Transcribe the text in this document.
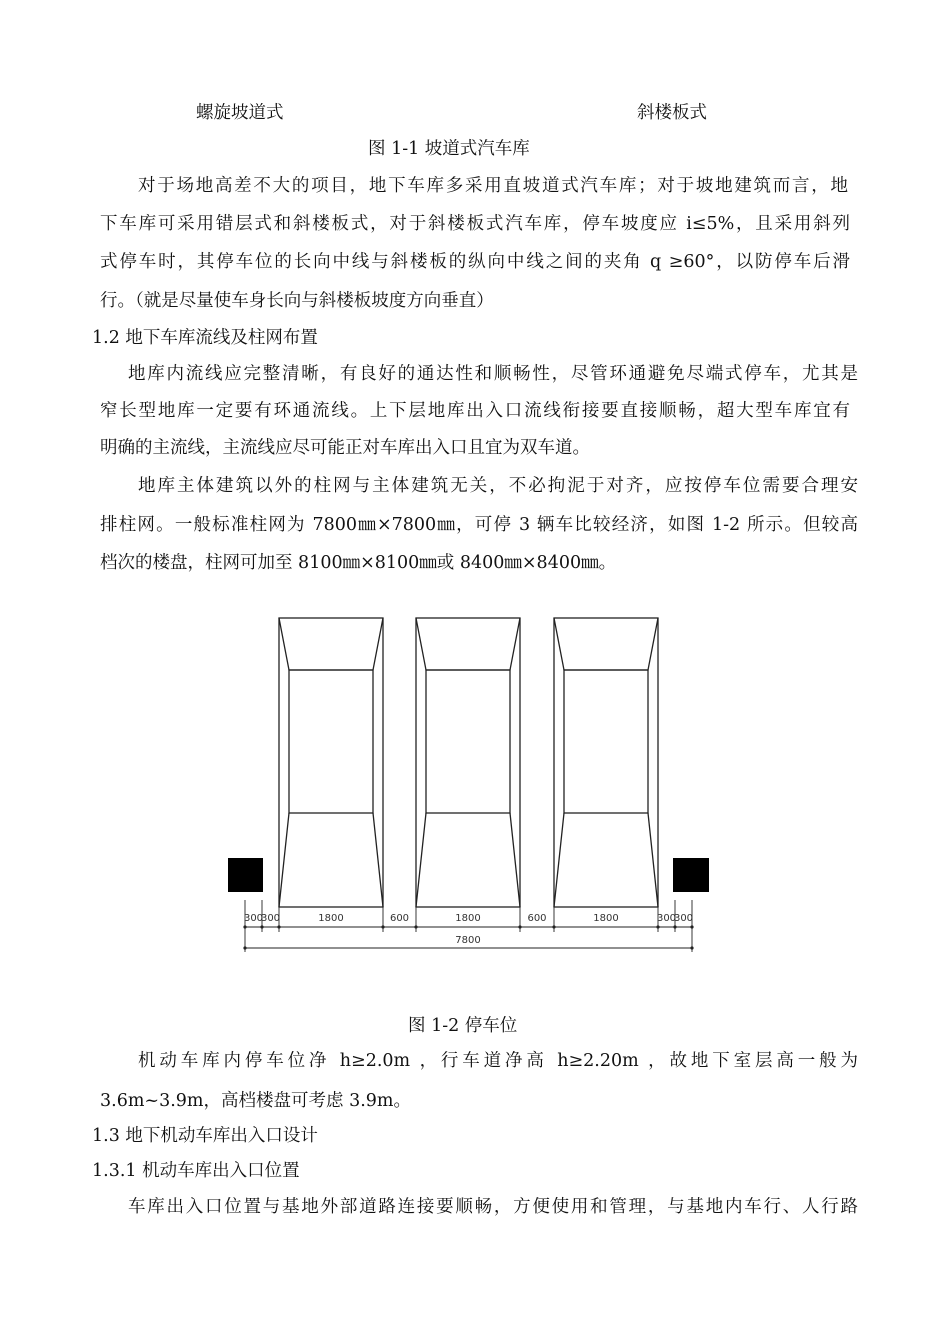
螺旋坡道式	斜楼板式
图 1-1 坡道式汽车库
对于场地高差不大的项目，地下车库多采用直坡道式汽车库；对于坡地建筑而言，地
下车库可采用错层式和斜楼板式，对于斜楼板式汽车库，停车坡度应 i≤5%，且采用斜列
式停车时，其停车位的长向中线与斜楼板的纵向中线之间的夹角 q ≥60°，以防停车后滑
行。（就是尽量使车身长向与斜楼板坡度方向垂直）
1.2 地下车库流线及柱网布置
地库内流线应完整清晰，有良好的通达性和顺畅性，尽管环通避免尽端式停车，尤其是
窄长型地库一定要有环通流线。上下层地库出入口流线衔接要直接顺畅，超大型车库宜有
明确的主流线，主流线应尽可能正对车库出入口且宜为双车道。
地库主体建筑以外的柱网与主体建筑无关，不必拘泥于对齐，应按停车位需要合理安
排柱网。一般标准柱网为 7800㎜×7800㎜，可停 3 辆车比较经济，如图 1-2 所示。但较高
档次的楼盘，柱网可加至 8100㎜×8100㎜或 8400㎜×8400㎜。
300
300	1800	600	1800	600	1800	300
300
7800
图 1-2 停车位
机动车库内停车位净 h≥2.0m ，行车道净高 h≥2.20m ，故地下室层高一般为
3.6m~3.9m，高档楼盘可考虑 3.9m。
1.3 地下机动车库出入口设计
1.3.1 机动车库出入口位置
车库出入口位置与基地外部道路连接要顺畅，方便使用和管理，与基地内车行、人行路
